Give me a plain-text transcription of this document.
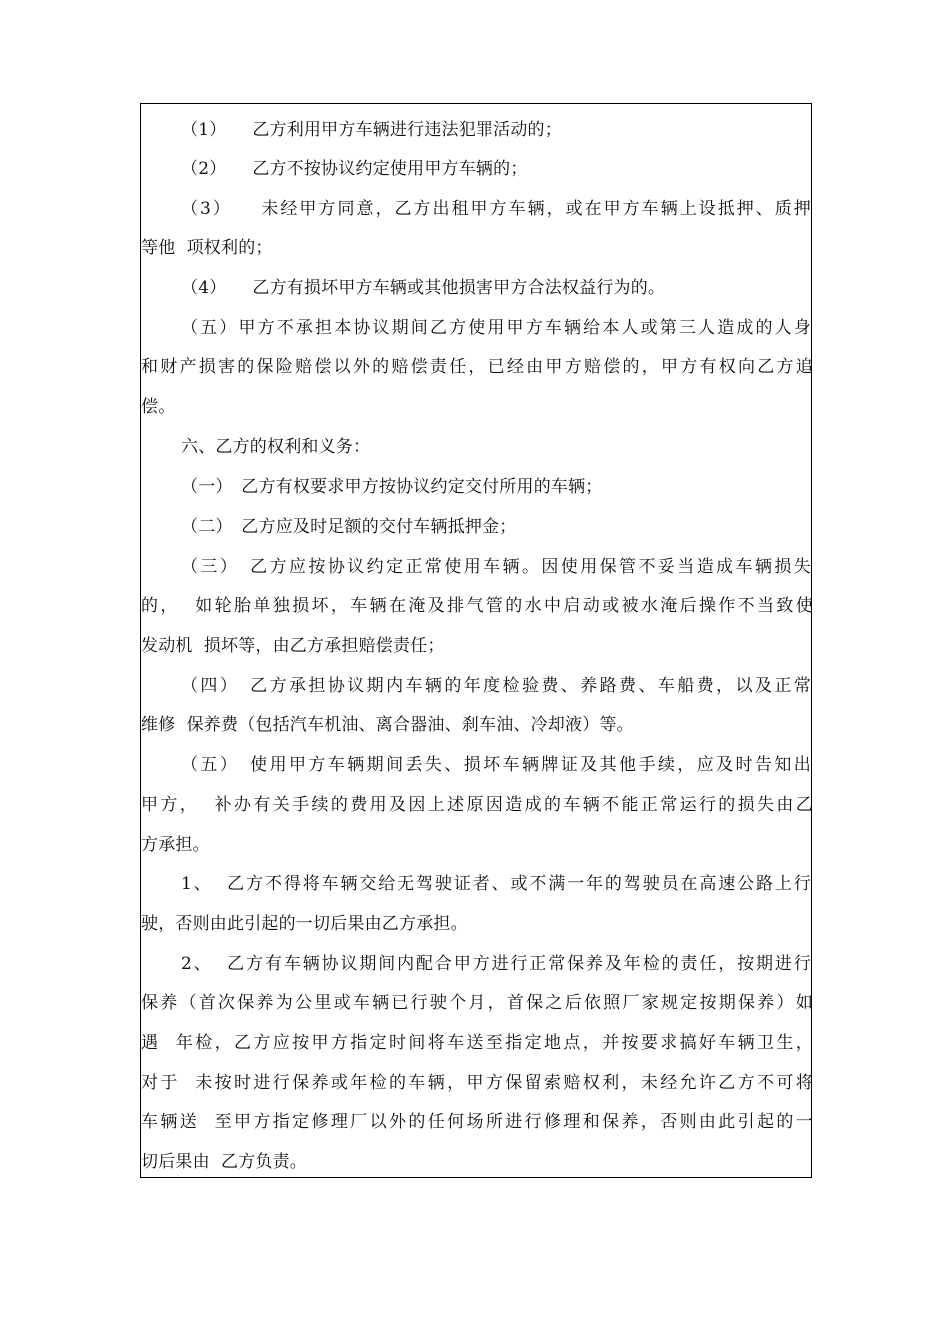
（1）　　乙方利用甲方车辆进行违法犯罪活动的；
（2）　　乙方不按协议约定使用甲方车辆的；
（3）　　未经甲方同意，乙方出租甲方车辆，或在甲方车辆上设抵押、质押
等他  项权利的；
（4）　　乙方有损坏甲方车辆或其他损害甲方合法权益行为的。
（五）甲方不承担本协议期间乙方使用甲方车辆给本人或第三人造成的人身
和财产损害的保险赔偿以外的赔偿责任，已经由甲方赔偿的，甲方有权向乙方追
偿。
六、乙方的权利和义务：
（一）　乙方有权要求甲方按协议约定交付所用的车辆；
（二）　乙方应及时足额的交付车辆抵押金；
（三）　乙方应按协议约定正常使用车辆。因使用保管不妥当造成车辆损失
的，  如轮胎单独损坏，车辆在淹及排气管的水中启动或被水淹后操作不当致使
发动机  损坏等，由乙方承担赔偿责任；
（四）　乙方承担协议期内车辆的年度检验费、养路费、车船费，以及正常
维修  保养费（包括汽车机油、离合器油、刹车油、冷却液）等。
（五）　使用甲方车辆期间丢失、损坏车辆牌证及其他手续，应及时告知出
甲方，  补办有关手续的费用及因上述原因造成的车辆不能正常运行的损失由乙
方承担。
1、  乙方不得将车辆交给无驾驶证者、或不满一年的驾驶员在高速公路上行
驶，否则由此引起的一切后果由乙方承担。
2、  乙方有车辆协议期间内配合甲方进行正常保养及年检的责任，按期进行
保养（首次保养为公里或车辆已行驶个月，首保之后依照厂家规定按期保养）如
遇  年检，乙方应按甲方指定时间将车送至指定地点，并按要求搞好车辆卫生，
对于  未按时进行保养或年检的车辆，甲方保留索赔权利，未经允许乙方不可将
车辆送  至甲方指定修理厂以外的任何场所进行修理和保养，否则由此引起的一
切后果由  乙方负责。
